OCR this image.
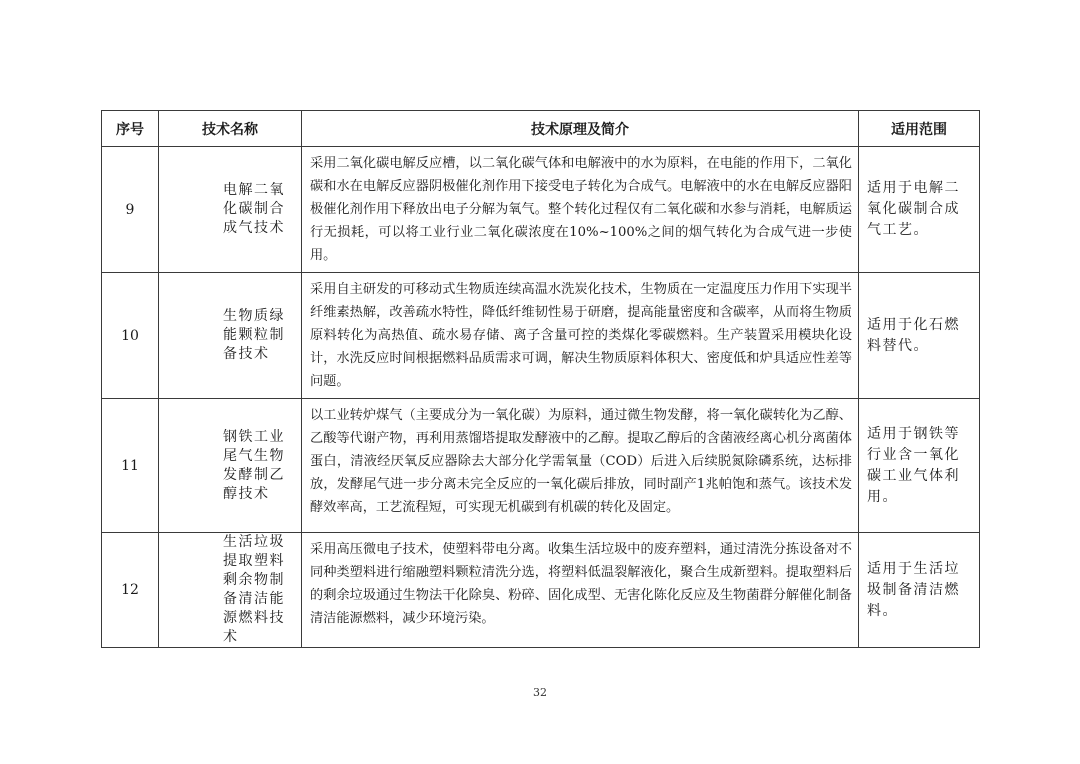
序号	技术名称	技术原理及简介	适用范围
9	电解二氧化碳制合成气技术	采用二氧化碳电解反应槽，以二氧化碳气体和电解液中的水为原料，在电能的作用下，二氧化碳和水在电解反应器阴极催化剂作用下接受电子转化为合成气。电解液中的水在电解反应器阳极催化剂作用下释放出电子分解为氧气。整个转化过程仅有二氧化碳和水参与消耗，电解质运行无损耗，可以将工业行业二氧化碳浓度在10%~100%之间的烟气转化为合成气进一步使用。	适用于电解二氧化碳制合成气工艺。
10	生物质绿能颗粒制备技术	采用自主研发的可移动式生物质连续高温水洗炭化技术，生物质在一定温度压力作用下实现半纤维素热解，改善疏水特性，降低纤维韧性易于研磨，提高能量密度和含碳率，从而将生物质原料转化为高热值、疏水易存储、离子含量可控的类煤化零碳燃料。生产装置采用模块化设计，水洗反应时间根据燃料品质需求可调，解决生物质原料体积大、密度低和炉具适应性差等问题。	适用于化石燃料替代。
11	钢铁工业尾气生物发酵制乙醇技术	以工业转炉煤气（主要成分为一氧化碳）为原料，通过微生物发酵，将一氧化碳转化为乙醇、乙酸等代谢产物，再利用蒸馏塔提取发酵液中的乙醇。提取乙醇后的含菌液经离心机分离菌体蛋白，清液经厌氧反应器除去大部分化学需氧量（COD）后进入后续脱氮除磷系统，达标排放，发酵尾气进一步分离未完全反应的一氧化碳后排放，同时副产1兆帕饱和蒸气。该技术发酵效率高，工艺流程短，可实现无机碳到有机碳的转化及固定。	适用于钢铁等行业含一氧化碳工业气体利用。
12	生活垃圾提取塑料剩余物制备清洁能源燃料技术	采用高压微电子技术，使塑料带电分离。收集生活垃圾中的废弃塑料，通过清洗分拣设备对不同种类塑料进行缩融塑料颗粒清洗分选，将塑料低温裂解液化，聚合生成新塑料。提取塑料后的剩余垃圾通过生物法干化除臭、粉碎、固化成型、无害化陈化反应及生物菌群分解催化制备清洁能源燃料，减少环境污染。	适用于生活垃圾制备清洁燃料。
32
